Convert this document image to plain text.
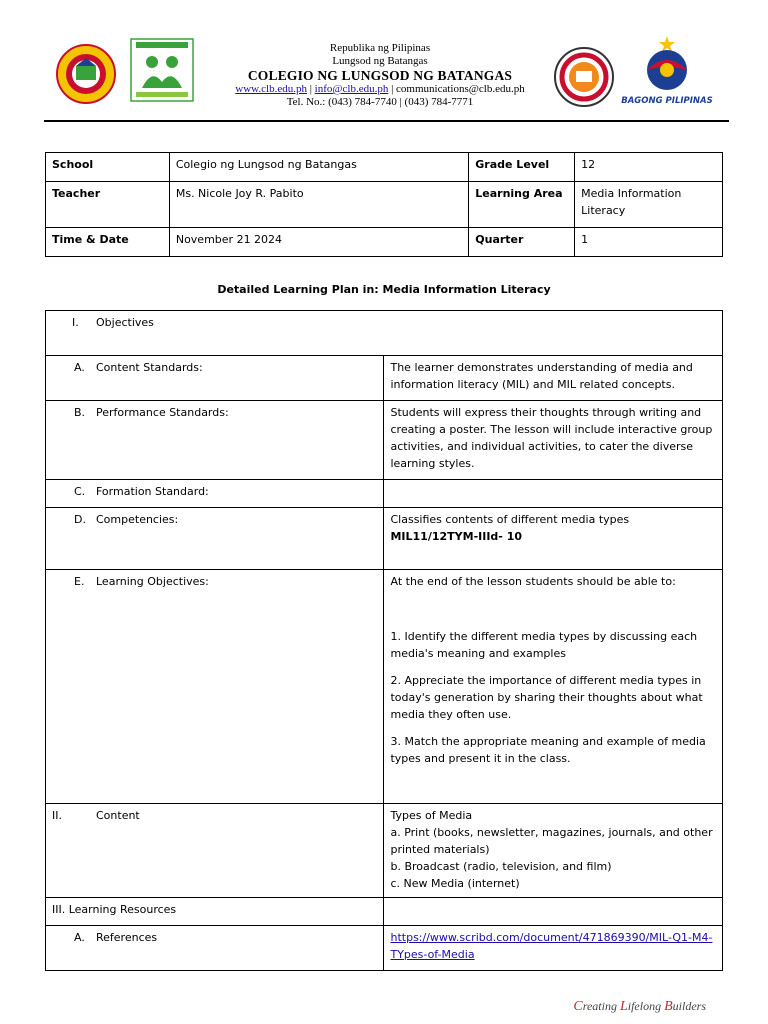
BAGONG PILIPINAS
Republika ng Pilipinas
Lungsod ng Batangas
COLEGIO NG LUNGSOD NG BATANGAS
www.clb.edu.ph | info@clb.edu.ph | communications@clb.edu.ph
Tel. No.: (043) 784-7740 | (043) 784-7771
School	Colegio ng Lungsod ng Batangas	Grade Level	12
Teacher	Ms. Nicole Joy R. Pabito	Learning Area	Media Information Literacy
Time & Date	November 21 2024	Quarter	1
Detailed Learning Plan in: Media Information Literacy
I. Objectives	
A. Content Standards:	The learner demonstrates understanding of media and information literacy (MIL) and MIL related concepts.
B. Performance Standards:	Students will express their thoughts through writing and creating a poster. The lesson will include interactive group activities, and individual activities, to cater the diverse learning styles.
C. Formation Standard:	
D. Competencies:	Classifies contents of different media types
MIL11/12TYM-IIId- 10

E. Learning Objectives:	At the end of the lesson students should be able to:

1. Identify the different media types by discussing each media's meaning and examples

2. Appreciate the importance of different media types in today's generation by sharing their thoughts about what media they often use.

3. Match the appropriate meaning and example of media types and present it in the class.

II. Content	Types of Media
a. Print (books, newsletter, magazines, journals, and other printed materials)
b. Broadcast (radio, television, and film)
c. New Media (internet)

III. Learning Resources	
A. References	https://www.scribd.com/document/471869390/MIL-Q1-M4-TYpes-of-Media
Creating Lifelong Builders
